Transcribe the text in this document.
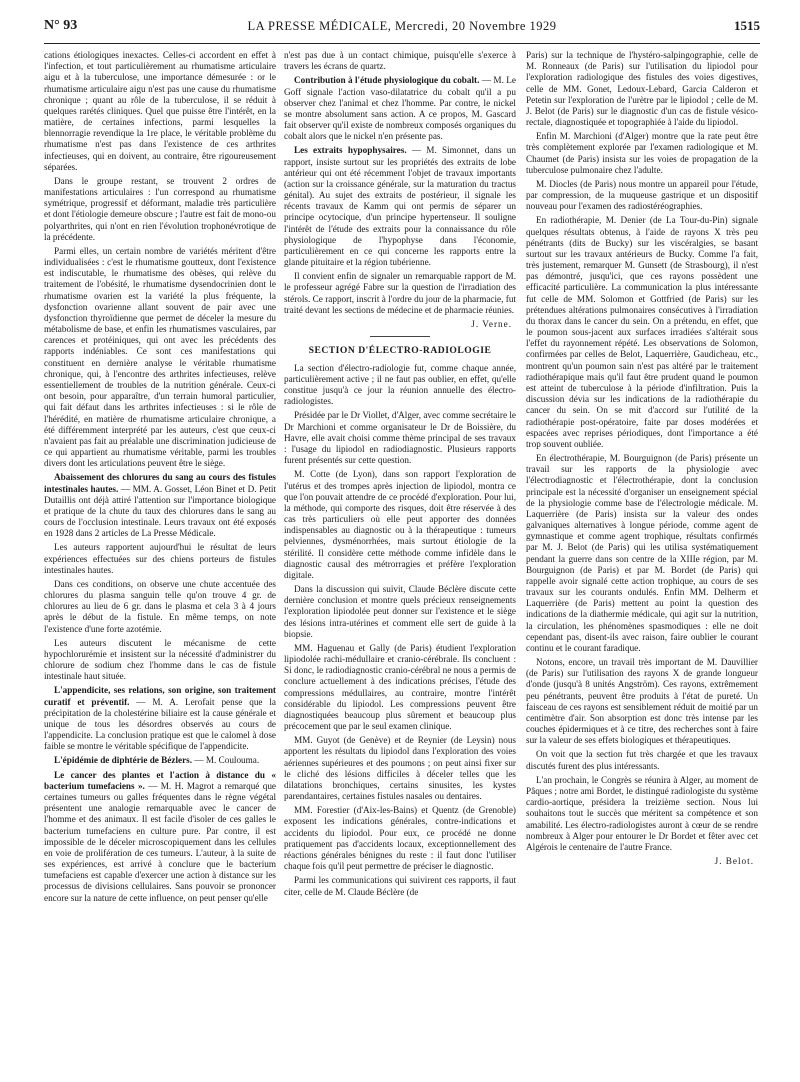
N° 93	LA PRESSE MÉDICALE, Mercredi, 20 Novembre 1929	1515

cations étiologiques inexactes. Celles-ci accordent en effet à l'infection, et tout particulièrement au rhumatisme articulaire aigu et à la tuberculose, une importance démesurée : or le rhumatisme articulaire aigu n'est pas une cause du rhumatisme chronique ; quant au rôle de la tuberculose, il se réduit à quelques rarétés cliniques. Quel que puisse être l'intérêt, en la matière, de certaines infections, parmi lesquelles la blennorragie revendique la 1re place, le véritable problème du rhumatisme n'est pas dans l'existence de ces arthrites infectieuses, qui en doivent, au contraire, être rigoureusement séparées.

Dans le groupe restant, se trouvent 2 ordres de manifestations articulaires : l'un correspond au rhumatisme symétrique, progressif et déformant, maladie très particulière et dont l'étiologie demeure obscure ; l'autre est fait de mono-ou polyarthrites, qui n'ont en rien l'évolution trophonévrotique de la précédente.

Parmi elles, un certain nombre de variétés méritent d'être individualisées : c'est le rhumatisme goutteux, dont l'existence est indiscutable, le rhumatisme des obèses, qui relève du traitement de l'obésité, le rhumatisme dysendocrinien dont le rhumatisme ovarien est la variété la plus fréquente, la dysfonction ovarienne allant souvent de pair avec une dysfonction thyroïdienne que permet de déceler la mesure du métabolisme de base, et enfin les rhumatismes vasculaires, par carences et protéiniques, qui ont avec les précédents des rapports indéniables. Ce sont ces manifestations qui constituent en dernière analyse le véritable rhumatisme chronique, qui, à l'encontre des arthrites infectieuses, relève essentiellement de troubles de la nutrition générale. Ceux-ci ont besoin, pour apparaître, d'un terrain humoral particulier, qui fait défaut dans les arthrites infectieuses : si le rôle de l'hérédité, en matière de rhumatisme articulaire chronique, a été différemment interprété par les auteurs, c'est que ceux-ci n'avaient pas fait au préalable une discrimination judicieuse de ce qui appartient au rhumatisme véritable, parmi les troubles divers dont les articulations peuvent être le siège.

Abaissement des chlorures du sang au cours des fistules intestinales hautes. — MM. A. Gosset, Léon Binet et D. Petit Dutaillis ont déjà attiré l'attention sur l'importance biologique et pratique de la chute du taux des chlorures dans le sang au cours de l'occlusion intestinale. Leurs travaux ont été exposés en 1928 dans 2 articles de La Presse Médicale.

Les auteurs rapportent aujourd'hui le résultat de leurs expériences effectuées sur des chiens porteurs de fistules intestinales hautes.

Dans ces conditions, on observe une chute accentuée des chlorures du plasma sanguin telle qu'on trouve 4 gr. de chlorures au lieu de 6 gr. dans le plasma et cela 3 à 4 jours après le début de la fistule. En même temps, on note l'existence d'une forte azotémie.

Les auteurs discutent le mécanisme de cette hypochlorurémie et insistent sur la nécessité d'administrer du chlorure de sodium chez l'homme dans le cas de fistule intestinale haut située.

L'appendicite, ses relations, son origine, son traitement curatif et préventif. — M. A. Lerofait pense que la précipitation de la cholestérine biliaire est la cause générale et unique de tous les désordres observés au cours de l'appendicite. La conclusion pratique est que le calomel à dose faible se montre le véritable spécifique de l'appendicite.

L'épidémie de diphtérie de Bézlers. — M. Coulouma.

Le cancer des plantes et l'action à distance du « bacterium tumefaciens ». — M. H. Magrot a remarqué que certaines tumeurs ou galles fréquentes dans le règne végétal présentent une analogie remarquable avec le cancer de l'homme et des animaux. Il est facile d'isoler de ces galles le bacterium tumefaciens en culture pure. Par contre, il est impossible de le déceler microscopiquement dans les cellules en voie de prolifération de ces tumeurs. L'auteur, à la suite de ses expériences, est arrivé à conclure que le bacterium tumefaciens est capable d'exercer une action à distance sur les processus de divisions cellulaires. Sans pouvoir se prononcer encore sur la nature de cette influence, on peut penser qu'elle

n'est pas due à un contact chimique, puisqu'elle s'exerce à travers les écrans de quartz.

Contribution à l'étude physiologique du cobalt. — M. Le Goff signale l'action vaso-dilatatrice du cobalt qu'il a pu observer chez l'animal et chez l'homme. Par contre, le nickel se montre absolument sans action. A ce propos, M. Gascard fait observer qu'il existe de nombreux composés organiques du cobalt alors que le nickel n'en présente pas.

Les extraits hypophysaires. — M. Simonnet, dans un rapport, insiste surtout sur les propriétés des extraits de lobe antérieur qui ont été récemment l'objet de travaux importants (action sur la croissance générale, sur la maturation du tractus génital). Au sujet des extraits de postérieur, il signale les récents travaux de Kamm qui ont permis de séparer un principe ocytocique, d'un principe hypertenseur. Il souligne l'intérêt de l'étude des extraits pour la connaissance du rôle physiologique de l'hypophyse dans l'économie, particulièrement en ce qui concerne les rapports entre la glande pituitaire et la région tubérienne.

Il convient enfin de signaler un remarquable rapport de M. le professeur agrégé Fabre sur la question de l'irradiation des stérols. Ce rapport, inscrit à l'ordre du jour de la pharmacie, fut traité devant les sections de médecine et de pharmacie réunies.

J. Verne.

SECTION D'ÉLECTRO-RADIOLOGIE

La section d'électro-radiologie fut, comme chaque année, particulièrement active ; il ne faut pas oublier, en effet, qu'elle constitue jusqu'à ce jour la réunion annuelle des électro-radiologistes.

Présidée par le Dr Viollet, d'Alger, avec comme secrétaire le Dr Marchioni et comme organisateur le Dr de Boissière, du Havre, elle avait choisi comme thème principal de ses travaux : l'usage du lipiodol en radiodiagnostic. Plusieurs rapports furent présentés sur cette question.

M. Cotte (de Lyon), dans son rapport l'exploration de l'utérus et des trompes après injection de lipiodol, montra ce que l'on pouvait attendre de ce procédé d'exploration. Pour lui, la méthode, qui comporte des risques, doit être réservée à des cas très particuliers où elle peut apporter des données indispensables au diagnostic ou à la thérapeutique : tumeurs pelviennes, dysménorrhées, mais surtout étiologie de la stérilité. Il considère cette méthode comme infidèle dans le diagnostic causal des métrorragies et préfère l'exploration digitale.

Dans la discussion qui suivit, Claude Béclère discute cette dernière conclusion et montre quels précieux renseignements l'exploration lipiodolée peut donner sur l'existence et le siège des lésions intra-utérines et comment elle sert de guide à la biopsie.

MM. Haguenau et Gally (de Paris) étudient l'exploration lipiodolée rachi-médullaire et cranio-cérébrale. Ils concluent : Si donc, le radiodiagnostic cranio-cérébral ne nous a permis de conclure actuellement à des indications précises, l'étude des compressions médullaires, au contraire, montre l'intérêt considérable du lipiodol. Les compressions peuvent être diagnostiquées beaucoup plus sûrement et beaucoup plus précocement que par le seul examen clinique.

MM. Guyot (de Genève) et de Reynier (de Leysin) nous apportent les résultats du lipiodol dans l'exploration des voies aériennes supérieures et des poumons ; on peut ainsi fixer sur le cliché des lésions difficiles à déceler telles que les dilatations bronchiques, certains sinusites, les kystes parendantaires, certaines fistules nasales ou dentaires.

MM. Forestier (d'Aix-les-Bains) et Quentz (de Grenoble) exposent les indications générales, contre-indications et accidents du lipiodol. Pour eux, ce procédé ne donne pratiquement pas d'accidents locaux, exceptionnellement des réactions générales bénignes du reste : il faut donc l'utiliser chaque fois qu'il peut permettre de préciser le diagnostic.

Parmi les communications qui suivirent ces rapports, il faut citer, celle de M. Claude Béclère (de

Paris) sur la technique de l'hystéro-salpingographie, celle de M. Ronneaux (de Paris) sur l'utilisation du lipiodol pour l'exploration radiologique des fistules des voies digestives, celle de MM. Gonet, Ledoux-Lebard, Garcia Calderon et Petetin sur l'exploration de l'urètre par le lipiodol ; celle de M. J. Belot (de Paris) sur le diagnostic d'un cas de fistule vésico-rectale, diagnostiquée et topographiée à l'aide du lipiodol.

Enfin M. Marchioni (d'Alger) montre que la rate peut être très complètement explorée par l'examen radiologique et M. Chaumet (de Paris) insista sur les voies de propagation de la tuberculose pulmonaire chez l'adulte.

M. Diocles (de Paris) nous montre un appareil pour l'étude, par compression, de la muqueuse gastrique et un dispositif nouveau pour l'examen des radiostéréographies.

En radiothérapie, M. Denier (de La Tour-du-Pin) signale quelques résultats obtenus, à l'aide de rayons X très peu pénétrants (dits de Bucky) sur les viscéralgies, se basant surtout sur les travaux antérieurs de Bucky. Comme l'a fait, très justement, remarquer M. Gunsett (de Strasbourg), il n'est pas démontré, jusqu'ici, que ces rayons possèdent une efficacité particulière. La communication la plus intéressante fut celle de MM. Solomon et Gottfried (de Paris) sur les prétendues altérations pulmonaires consécutives à l'irradiation du thorax dans le cancer du sein. On a prétendu, en effet, que le poumon sous-jacent aux surfaces irradiées s'altérait sous l'effet du rayonnement répété. Les observations de Solomon, confirmées par celles de Belot, Laquerrière, Gaudicheau, etc., montrent qu'un poumon sain n'est pas altéré par le traitement radiothérapique mais qu'il faut être prudent quand le poumon est atteint de tuberculose à la période d'infiltration. Puis la discussion dévia sur les indications de la radiothérapie du cancer du sein. On se mit d'accord sur l'utilité de la radiothérapie post-opératoire, faite par doses modérées et espacées avec reprises périodiques, dont l'importance a été trop souvent oubliée.

En électrothérapie, M. Bourguignon (de Paris) présente un travail sur les rapports de la physiologie avec l'électrodiagnostic et l'électrothérapie, dont la conclusion principale est la nécessité d'organiser un enseignement spécial de la physiologie comme base de l'électrologie médicale. M. Laquerrière (de Paris) insista sur la valeur des ondes galvaniques alternatives à longue période, comme agent de gymnastique et comme agent trophique, résultats confirmés par M. J. Belot (de Paris) qui les utilisa systématiquement pendant la guerre dans son centre de la XIIIe région, par M. Bourguignon (de Paris) et par M. Bordet (de Paris) qui rappelle avoir signalé cette action trophique, au cours de ses travaux sur les courants ondulés. Enfin MM. Delherm et Laquerrière (de Paris) mettent au point la question des indications de la diathermie médicale, qui agit sur la nutrition, la circulation, les phénomènes spasmodiques : elle ne doit cependant pas, disent-ils avec raison, faire oublier le courant continu et le courant faradique.

Notons, encore, un travail très important de M. Dauvillier (de Paris) sur l'utilisation des rayons X de grande longueur d'onde (jusqu'à 8 unités Angström). Ces rayons, extrêmement peu pénétrants, peuvent être produits à l'état de pureté. Un faisceau de ces rayons est sensiblement réduit de moitié par un centimètre d'air. Son absorption est donc très intense par les couches épidermiques et à ce titre, des recherches sont à faire sur la valeur de ses effets biologiques et thérapeutiques.

On voit que la section fut très chargée et que les travaux discutés furent des plus intéressants.

L'an prochain, le Congrès se réunira à Alger, au moment de Pâques ; notre ami Bordet, le distingué radiologiste du système cardio-aortique, présidera la treizième section. Nous lui souhaitons tout le succès que méritent sa compétence et son amabilité. Les électro-radiologistes auront à cœur de se rendre nombreux à Alger pour entourer le Dr Bordet et fêter avec cet Algérois le centenaire de l'autre France.

J. Belot.
